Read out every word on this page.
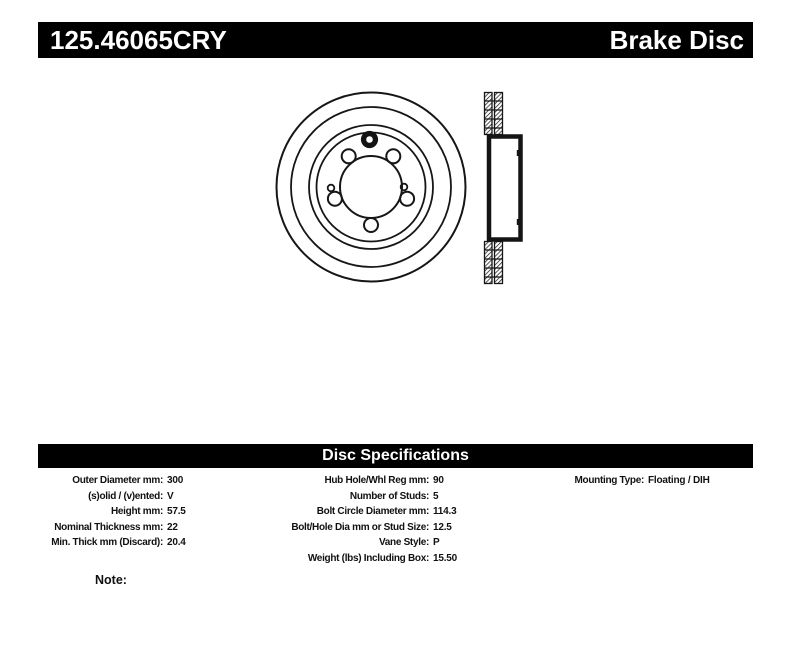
125.46065CRY	Brake Disc
Disc Specifications
Outer Diameter mm: 300
(s)olid / (v)ented: V
Height mm: 57.5
Nominal Thickness mm: 22
Min. Thick mm (Discard): 20.4
Hub Hole/Whl Reg mm: 90
Number of Studs: 5
Bolt Circle Diameter mm: 114.3
Bolt/Hole Dia mm or Stud Size: 12.5
Vane Style: P
Weight (lbs) Including Box: 15.50
Mounting Type: Floating / DIH
Note:
